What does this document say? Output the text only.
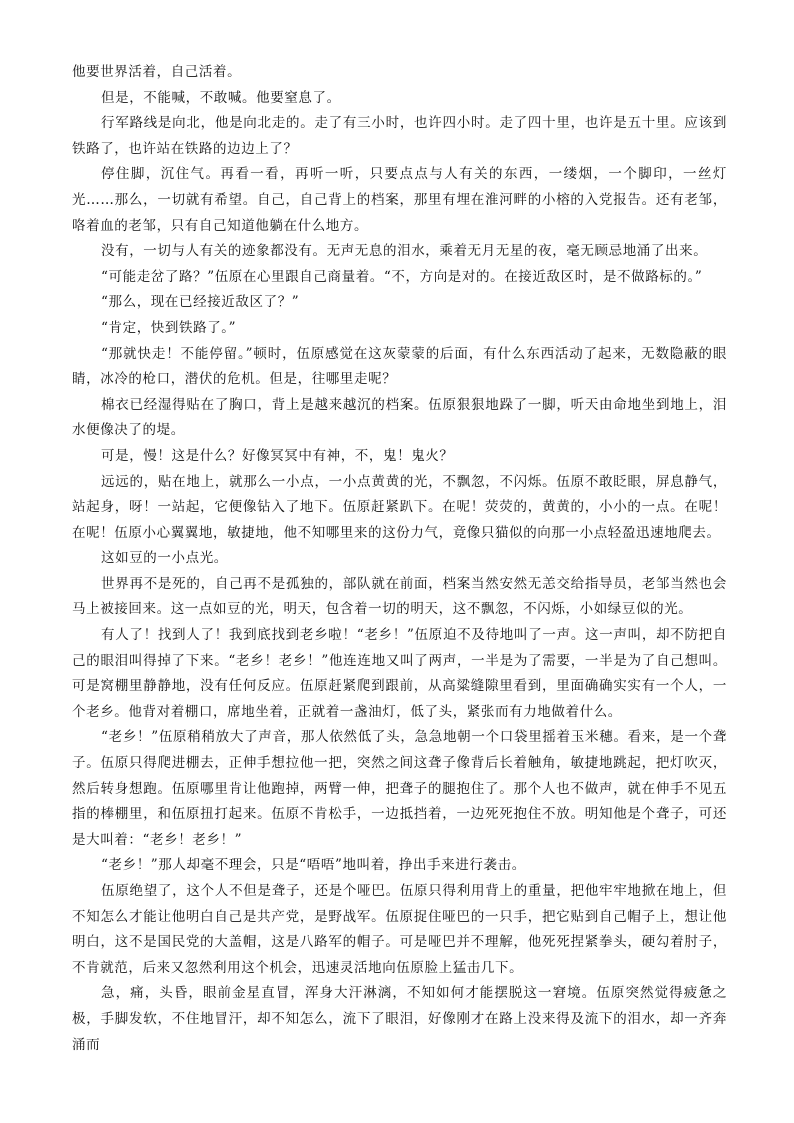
他要世界活着，自己活着。

但是，不能喊，不敢喊。他要窒息了。

行军路线是向北，他是向北走的。走了有三小时，也许四小时。走了四十里，也许是五十里。应该到铁路了，也许站在铁路的边边上了？

停住脚，沉住气。再看一看，再听一听，只要点点与人有关的东西，一缕烟，一个脚印，一丝灯光……那么，一切就有希望。自己，自己背上的档案，那里有埋在淮河畔的小榕的入党报告。还有老邹，咯着血的老邹，只有自己知道他躺在什么地方。

没有，一切与人有关的迹象都没有。无声无息的泪水，乘着无月无星的夜，毫无顾忌地涌了出来。

“可能走岔了路？”伍原在心里跟自己商量着。“不，方向是对的。在接近敌区时，是不做路标的。”

“那么，现在已经接近敌区了？”

“肯定，快到铁路了。”

“那就快走！不能停留。”顿时，伍原感觉在这灰蒙蒙的后面，有什么东西活动了起来，无数隐蔽的眼睛，冰冷的枪口，潜伏的危机。但是，往哪里走呢？

棉衣已经湿得贴在了胸口，背上是越来越沉的档案。伍原狠狠地跺了一脚，听天由命地坐到地上，泪水便像决了的堤。

可是，慢！这是什么？好像冥冥中有神，不，鬼！鬼火？

远远的，贴在地上，就那么一小点，一小点黄黄的光，不飘忽，不闪烁。伍原不敢眨眼，屏息静气，站起身，呀！一站起，它便像钻入了地下。伍原赶紧趴下。在呢！荧荧的，黄黄的，小小的一点。在呢！在呢！伍原小心翼翼地，敏捷地，他不知哪里来的这份力气，竟像只猫似的向那一小点轻盈迅速地爬去。

这如豆的一小点光。

世界再不是死的，自己再不是孤独的，部队就在前面，档案当然安然无恙交给指导员，老邹当然也会马上被接回来。这一点如豆的光，明天，包含着一切的明天，这不飘忽，不闪烁，小如绿豆似的光。

有人了！找到人了！我到底找到老乡啦！“老乡！”伍原迫不及待地叫了一声。这一声叫，却不防把自己的眼泪叫得掉了下来。“老乡！老乡！”他连连地又叫了两声，一半是为了需要，一半是为了自己想叫。可是窝棚里静静地，没有任何反应。伍原赶紧爬到跟前，从高粱缝隙里看到，里面确确实实有一个人，一个老乡。他背对着棚口，席地坐着，正就着一盏油灯，低了头，紧张而有力地做着什么。

“老乡！”伍原稍稍放大了声音，那人依然低了头，急急地朝一个口袋里摇着玉米穗。看来，是一个聋子。伍原只得爬进棚去，正伸手想拉他一把，突然之间这聋子像背后长着触角，敏捷地跳起，把灯吹灭，然后转身想跑。伍原哪里肯让他跑掉，两臂一伸，把聋子的腿抱住了。那个人也不做声，就在伸手不见五指的棒棚里，和伍原扭打起来。伍原不肯松手，一边抵挡着，一边死死抱住不放。明知他是个聋子，可还是大叫着：“老乡！老乡！”

“老乡！”那人却毫不理会，只是“唔唔”地叫着，挣出手来进行袭击。

伍原绝望了，这个人不但是聋子，还是个哑巴。伍原只得利用背上的重量，把他牢牢地掀在地上，但不知怎么才能让他明白自己是共产党，是野战军。伍原捉住哑巴的一只手，把它贴到自己帽子上，想让他明白，这不是国民党的大盖帽，这是八路军的帽子。可是哑巴并不理解，他死死捏紧拳头，硬勾着肘子，不肯就范，后来又忽然利用这个机会，迅速灵活地向伍原脸上猛击几下。

急，痛，头昏，眼前金星直冒，浑身大汗淋漓，不知如何才能摆脱这一窘境。伍原突然觉得疲惫之极，手脚发软，不住地冒汗，却不知怎么，流下了眼泪，好像刚才在路上没来得及流下的泪水，却一齐奔涌而
